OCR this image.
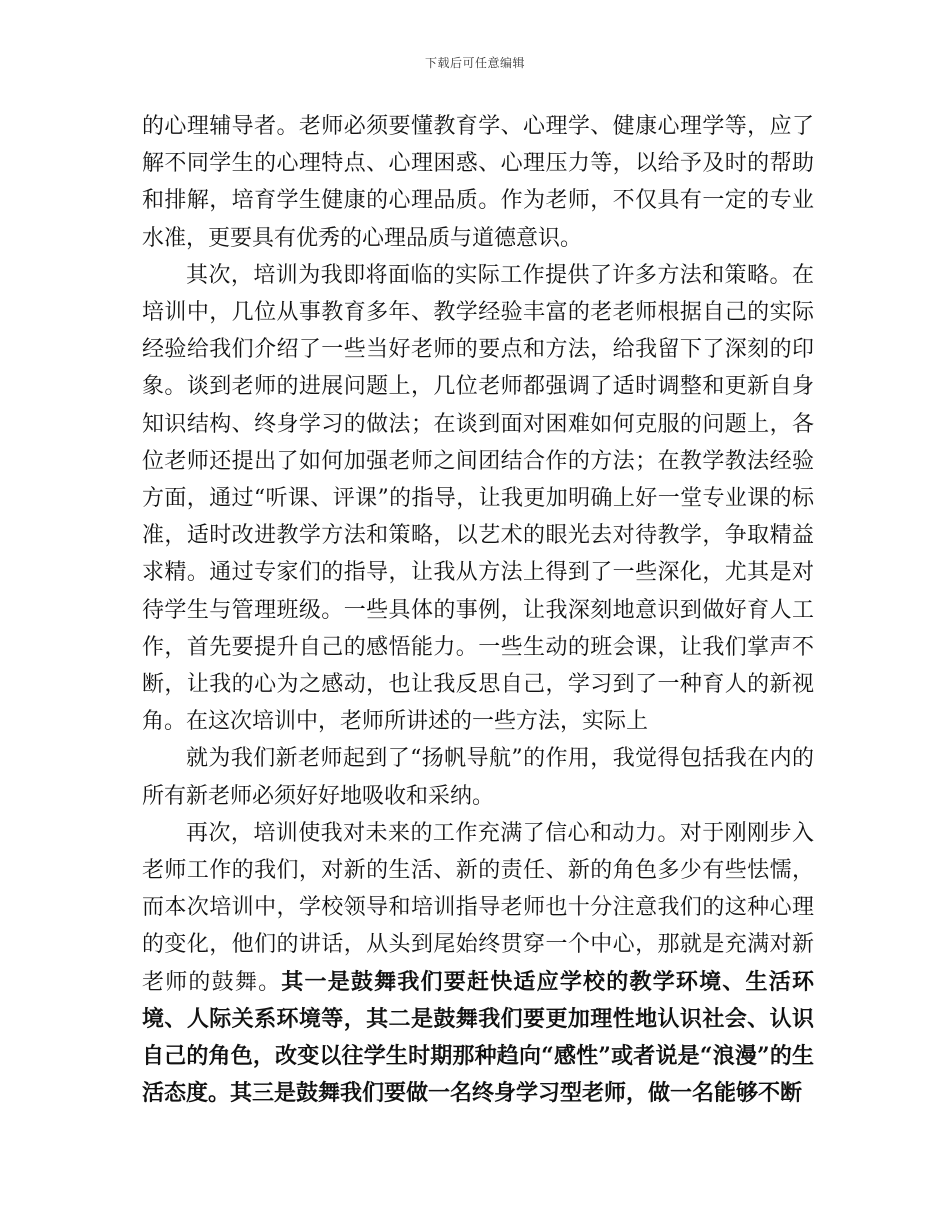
下载后可任意编辑

的心理辅导者。老师必须要懂教育学、心理学、健康心理学等，应了解不同学生的心理特点、心理困惑、心理压力等，以给予及时的帮助和排解，培育学生健康的心理品质。作为老师，不仅具有一定的专业水准，更要具有优秀的心理品质与道德意识。

其次，培训为我即将面临的实际工作提供了许多方法和策略。在培训中，几位从事教育多年、教学经验丰富的老老师根据自己的实际经验给我们介绍了一些当好老师的要点和方法，给我留下了深刻的印象。谈到老师的进展问题上，几位老师都强调了适时调整和更新自身知识结构、终身学习的做法；在谈到面对困难如何克服的问题上，各位老师还提出了如何加强老师之间团结合作的方法；在教学教法经验方面，通过“听课、评课”的指导，让我更加明确上好一堂专业课的标准，适时改进教学方法和策略，以艺术的眼光去对待教学，争取精益求精。通过专家们的指导，让我从方法上得到了一些深化，尤其是对待学生与管理班级。一些具体的事例，让我深刻地意识到做好育人工作，首先要提升自己的感悟能力。一些生动的班会课，让我们掌声不断，让我的心为之感动，也让我反思自己，学习到了一种育人的新视角。在这次培训中，老师所讲述的一些方法，实际上

就为我们新老师起到了“扬帆导航”的作用，我觉得包括我在内的所有新老师必须好好地吸收和采纳。

再次，培训使我对未来的工作充满了信心和动力。对于刚刚步入老师工作的我们，对新的生活、新的责任、新的角色多少有些怯懦，而本次培训中，学校领导和培训指导老师也十分注意我们的这种心理的变化，他们的讲话，从头到尾始终贯穿一个中心，那就是充满对新老师的鼓舞。其一是鼓舞我们要赶快适应学校的教学环境、生活环境、人际关系环境等，其二是鼓舞我们要更加理性地认识社会、认识自己的角色，改变以往学生时期那种趋向“感性”或者说是“浪漫”的生活态度。其三是鼓舞我们要做一名终身学习型老师，做一名能够不断
